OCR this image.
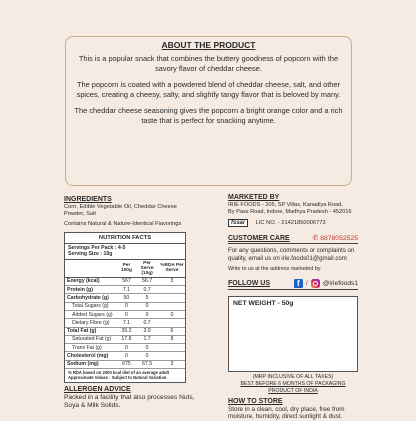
ABOUT THE PRODUCT

This is a popular snack that combines the buttery goodness of popcorn with the savory flavor of cheddar cheese.

The popcorn is coated with a powdered blend of cheddar cheese, salt, and other spices, creating a cheesy, salty, and slightly tangy flavor that is beloved by many.

The cheddar cheese seasoning gives the popcorn a bright orange color and a rich taste that is perfect for snacking anytime.

INGREDIENTS
Corn, Edible Vegetable Oil, Cheddar Cheese Powder, Salt
Contains Natural & Nature-Identical Flavorings
NUTRITION FACTS
Servings Per Pack : 4-5
Serving Size : 10g
	Per 100g	Per Serve (10g)	%RDA Per Serve
Energy (kcal)	567	56.7	3
Protein (g)	7.1	0.7	
Carbohydrate (g)	50	5	
Total Sugars (g)	0	0	
Added Sugars (g)	0	0	0
Dietary Fibre (g)	7.1	0.7	
Total Fat (g)	39.2	3.9	6
Saturated Fat (g)	17.8	1.7	8
Trans Fat (g)	0	0	
Cholesterol (mg)	0	0	
Sodium (mg)	675	67.5	3
% RDA based on 2000 kcal diet of an average adult
Approximate Values : Subject to Natural Variation
ALLERGEN ADVICE
Packed in a facility that also processes Nuts, Soya & Milk Solids.
MARKETED BY
IRIE FOODS - 205, SP Villas, Kanadiya Road,
By Pass Road, Indore, Madhya Pradesh - 452016
fssai	LIC NO. - 21421850006773
CUSTOMER CARE	✆ 8878052525
For any questions, comments or complaints on quality, email us on irie.foods01@gmail.com
Write to us at the address marketed by.
FOLLOW US	f / @iriefoods1
NET WEIGHT - 50g
(MRP INCLUSIVE OF ALL TAXES)
BEST BEFORE 6 MONTHS OF PACKAGING
PRODUCT OF INDIA
HOW TO STORE
Store in a clean, cool, dry place, free from moisture, humidity, direct sunlight & dust.
